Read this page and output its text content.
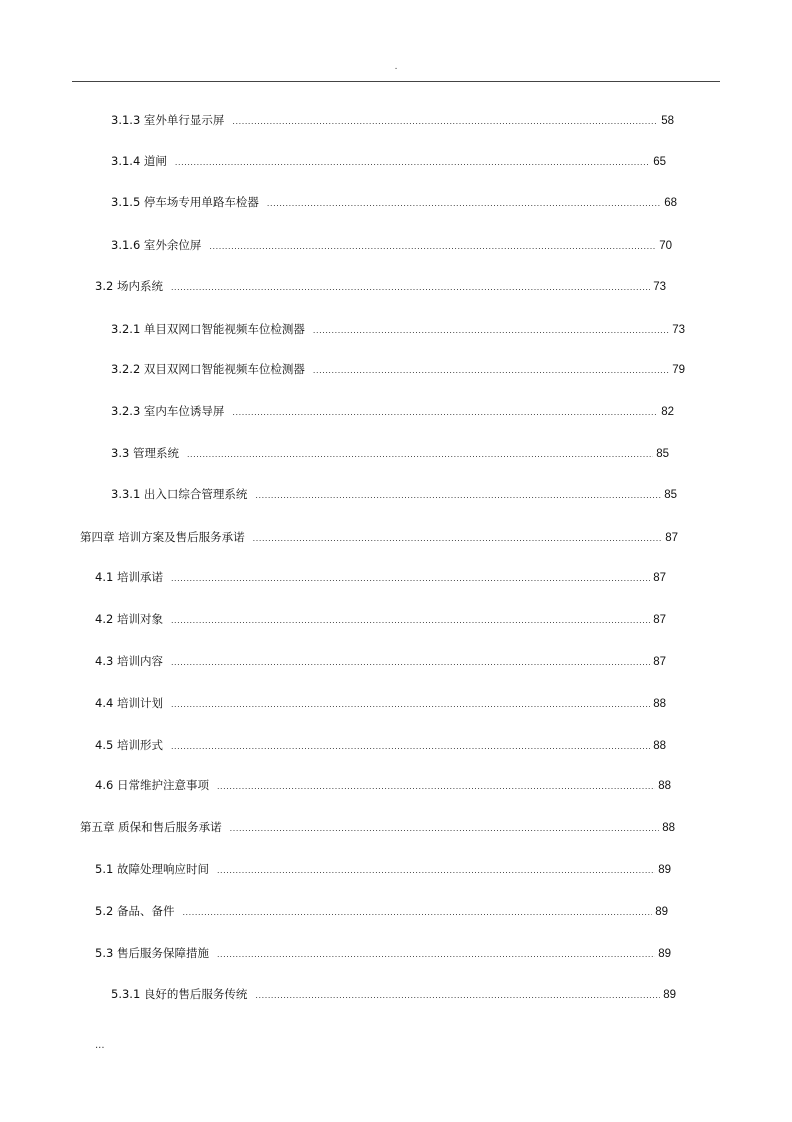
.
3.1.3 室外单行显示屏 .....	58
3.1.4 道闸 .....	65
3.1.5 停车场专用单路车检器 .....	68
3.1.6 室外余位屏 .....	70
3.2 场内系统 .....	73
3.2.1 单目双网口智能视频车位检测器 .....	73
3.2.2 双目双网口智能视频车位检测器 .....	79
3.2.3 室内车位诱导屏 .....	82
3.3 管理系统 .....	85
3.3.1 出入口综合管理系统 .....	85
第四章 培训方案及售后服务承诺 .....	87
4.1 培训承诺 .....	87
4.2 培训对象 .....	87
4.3 培训内容 .....	87
4.4 培训计划 .....	88
4.5 培训形式 .....	88
4.6 日常维护注意事项 .....	88
第五章 质保和售后服务承诺 .....	88
5.1 故障处理响应时间 .....	89
5.2 备品、备件 .....	89
5.3 售后服务保障措施 .....	89
5.3.1 良好的售后服务传统 .....	89
...
